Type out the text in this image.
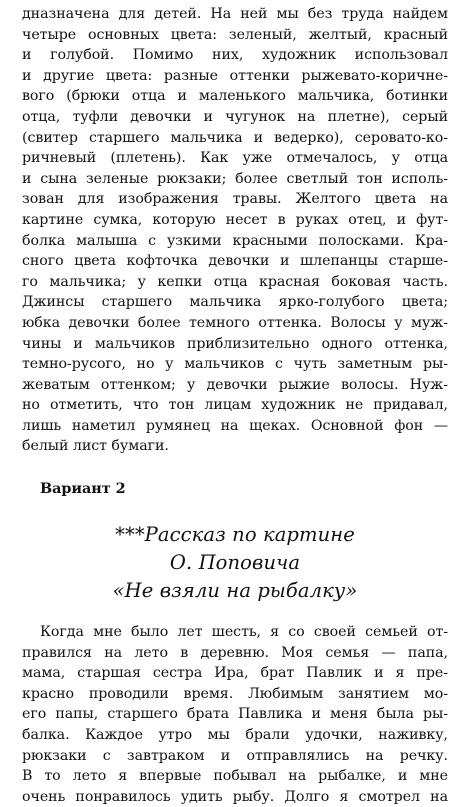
дназначена для детей. На ней мы без труда найдем
четыре основных цвета: зеленый, желтый, красный
и голубой. Помимо них, художник использовал
и другие цвета: разные оттенки рыжевато-коричне-
вого (брюки отца и маленького мальчика, ботинки
отца, туфли девочки и чугунок на плетне), серый
(свитер старшего мальчика и ведерко), серовато-ко-
ричневый (плетень). Как уже отмечалось, у отца
и сына зеленые рюкзаки; более светлый тон исполь-
зован для изображения травы. Желтого цвета на
картине сумка, которую несет в руках отец, и фут-
болка малыша с узкими красными полосками. Кра-
сного цвета кофточка девочки и шлепанцы старше-
го мальчика; у кепки отца красная боковая часть.
Джинсы старшего мальчика ярко-голубого цвета;
юбка девочки более темного оттенка. Волосы у муж-
чины и мальчиков приблизительно одного оттенка,
темно-русого, но у мальчиков с чуть заметным ры-
жеватым оттенком; у девочки рыжие волосы. Нуж-
но отметить, что тон лицам художник не придавал,
лишь наметил румянец на щеках. Основной фон —
белый лист бумаги.
Вариант 2
***Рассказ по картине
О. Поповича
«Не взяли на рыбалку»
Когда мне было лет шесть, я со своей семьей от-
правился на лето в деревню. Моя семья — папа,
мама, старшая сестра Ира, брат Павлик и я пре-
красно проводили время. Любимым занятием мо-
его папы, старшего брата Павлика и меня была ры-
балка. Каждое утро мы брали удочки, наживку,
рюкзаки с завтраком и отправлялись на речку.
В то лето я впервые побывал на рыбалке, и мне
очень понравилось удить рыбу. Долго я смотрел на
